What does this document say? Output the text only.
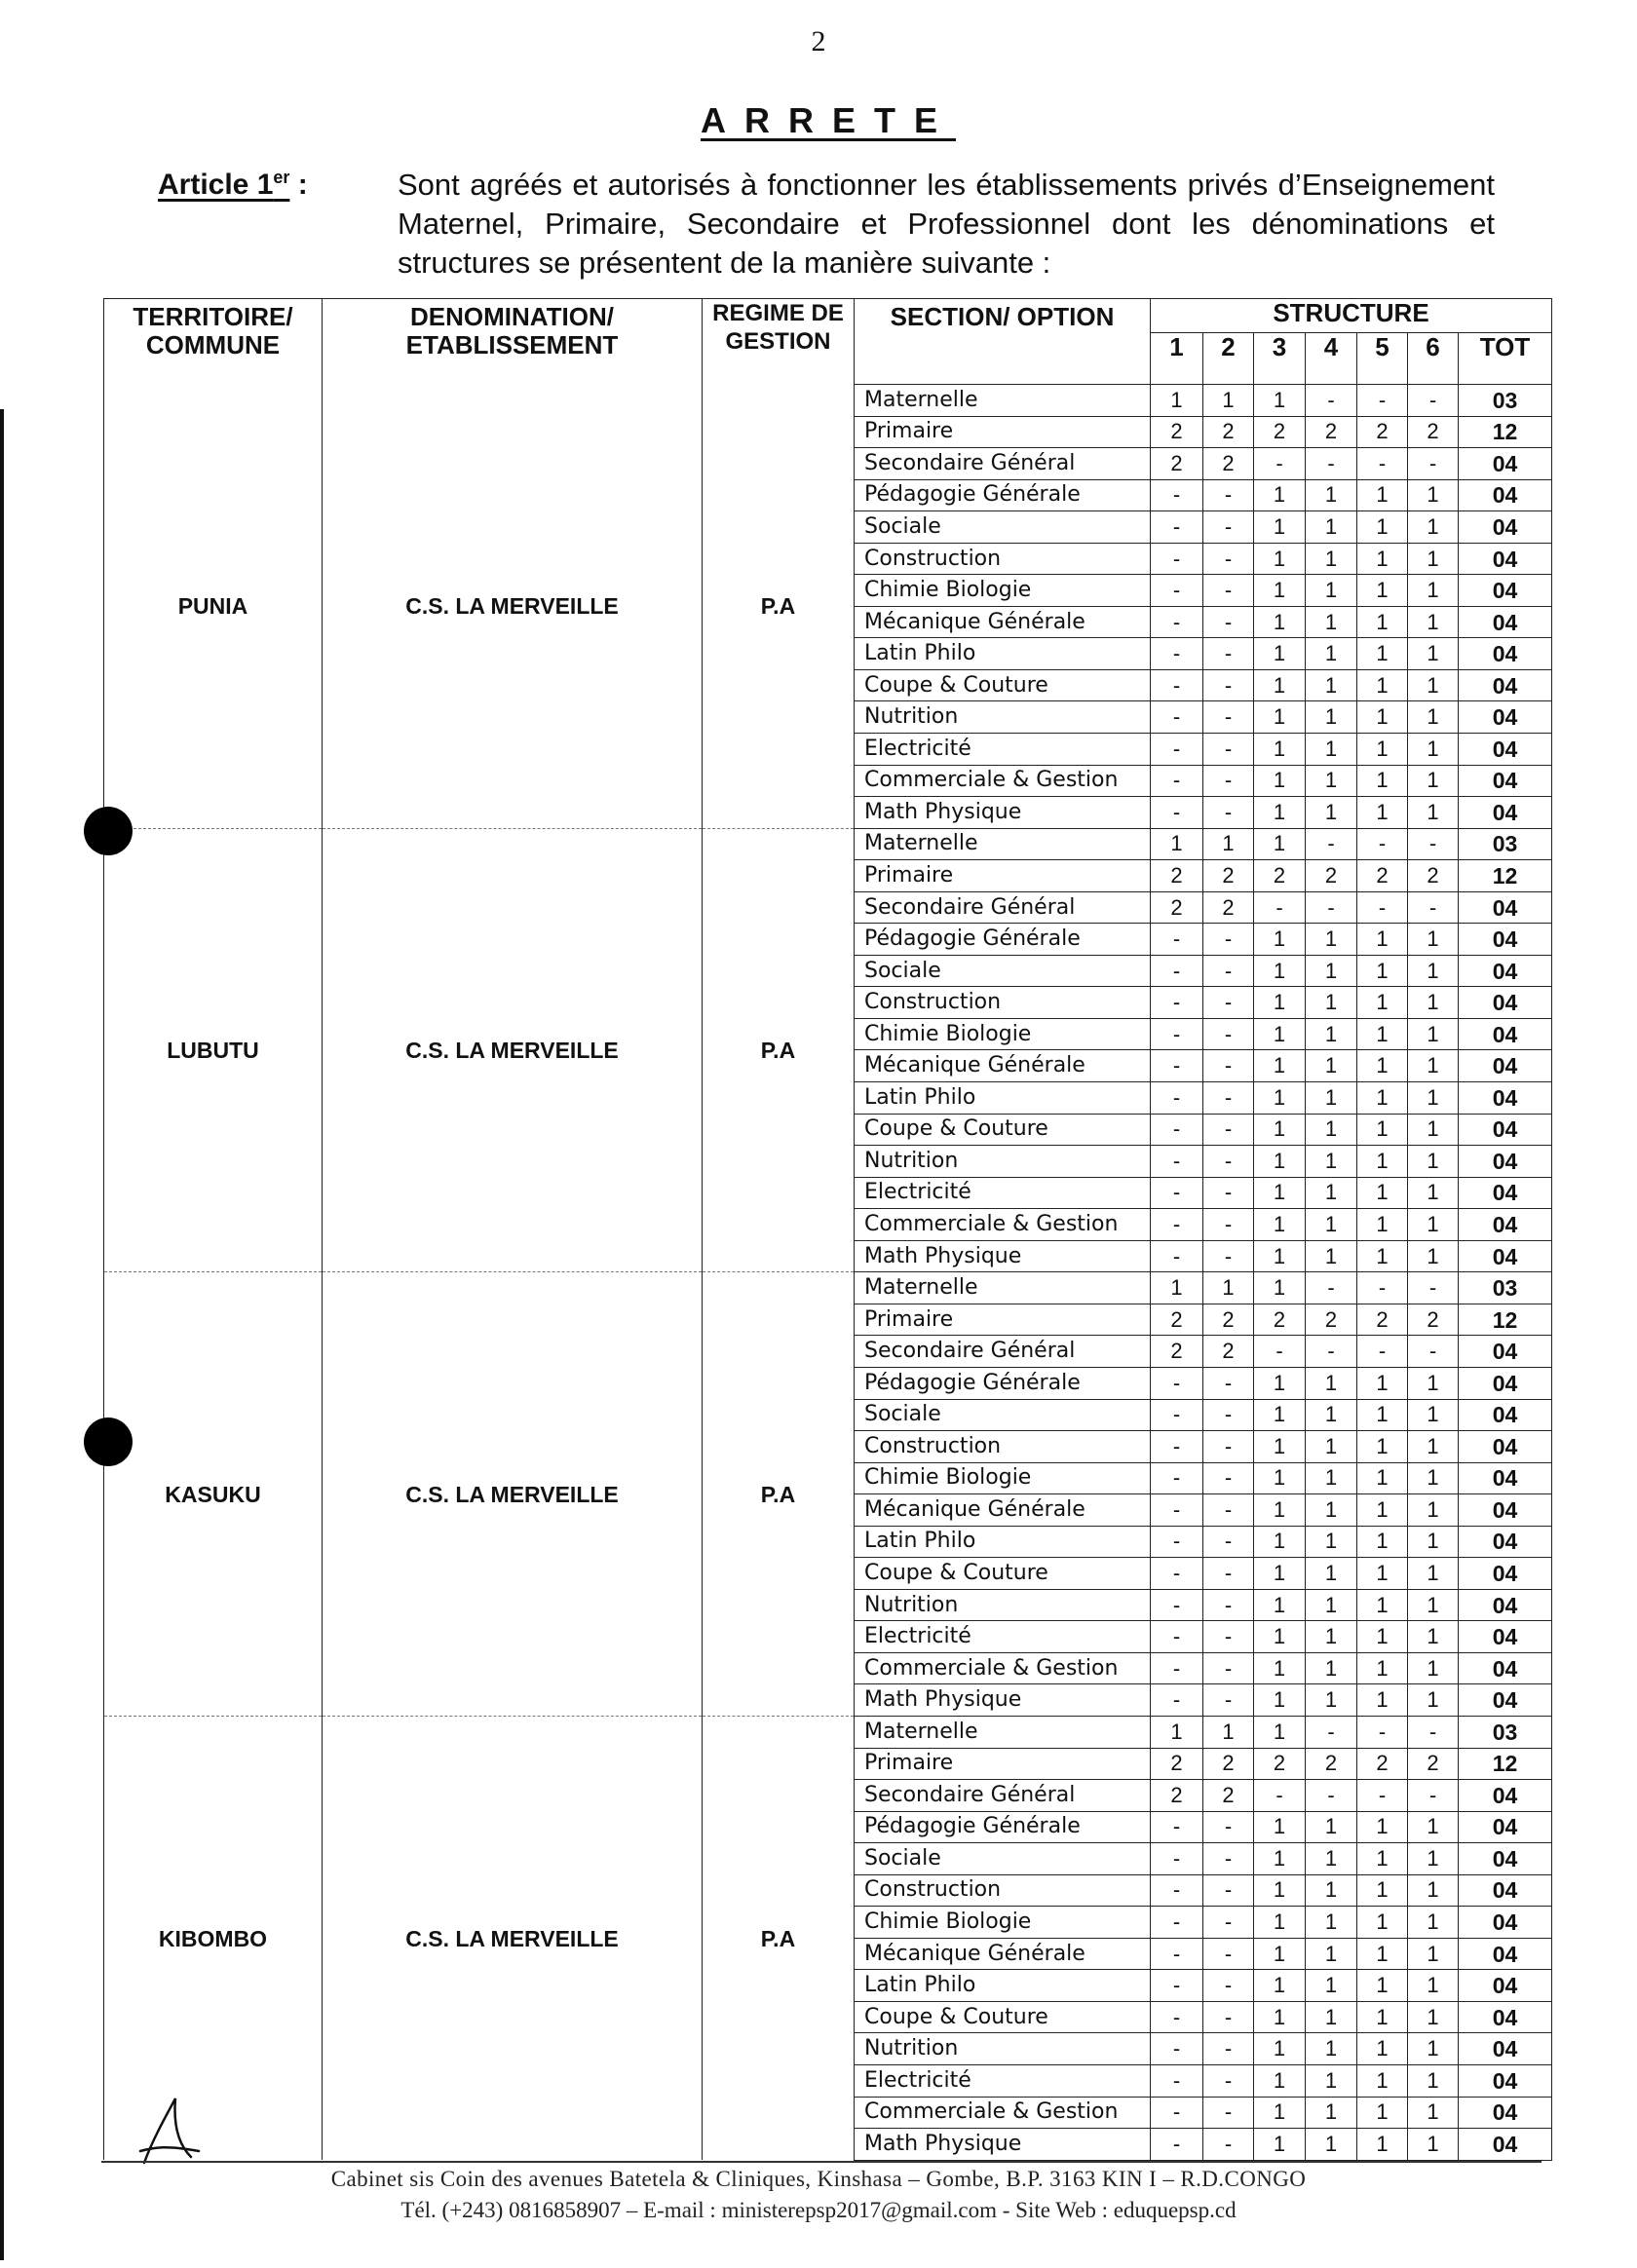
2
ARRETE
Article 1er :	Sont agréés et autorisés à fonctionner les établissements privés d’Enseignement Maternel, Primaire, Secondaire et Professionnel dont les dénominations et structures se présentent de la manière suivante :
TERRITOIRE/ COMMUNE	DENOMINATION/ ETABLISSEMENT	REGIME DE GESTION	SECTION/ OPTION	STRUCTURE						
				1	2	3	4	5	6	TOT
PUNIA	C.S. LA MERVEILLE	P.A	Maternelle	1	1	1	-	-	-	03
			Primaire	2	2	2	2	2	2	12
			Secondaire Général	2	2	-	-	-	-	04
			Pédagogie Générale	-	-	1	1	1	1	04
			Sociale	-	-	1	1	1	1	04
			Construction	-	-	1	1	1	1	04
			Chimie Biologie	-	-	1	1	1	1	04
			Mécanique Générale	-	-	1	1	1	1	04
			Latin Philo	-	-	1	1	1	1	04
			Coupe & Couture	-	-	1	1	1	1	04
			Nutrition	-	-	1	1	1	1	04
			Electricité	-	-	1	1	1	1	04
			Commerciale & Gestion	-	-	1	1	1	1	04
			Math Physique	-	-	1	1	1	1	04
LUBUTU	C.S. LA MERVEILLE	P.A	Maternelle	1	1	1	-	-	-	03
			Primaire	2	2	2	2	2	2	12
			Secondaire Général	2	2	-	-	-	-	04
			Pédagogie Générale	-	-	1	1	1	1	04
			Sociale	-	-	1	1	1	1	04
			Construction	-	-	1	1	1	1	04
			Chimie Biologie	-	-	1	1	1	1	04
			Mécanique Générale	-	-	1	1	1	1	04
			Latin Philo	-	-	1	1	1	1	04
			Coupe & Couture	-	-	1	1	1	1	04
			Nutrition	-	-	1	1	1	1	04
			Electricité	-	-	1	1	1	1	04
			Commerciale & Gestion	-	-	1	1	1	1	04
			Math Physique	-	-	1	1	1	1	04
KASUKU	C.S. LA MERVEILLE	P.A	Maternelle	1	1	1	-	-	-	03
			Primaire	2	2	2	2	2	2	12
			Secondaire Général	2	2	-	-	-	-	04
			Pédagogie Générale	-	-	1	1	1	1	04
			Sociale	-	-	1	1	1	1	04
			Construction	-	-	1	1	1	1	04
			Chimie Biologie	-	-	1	1	1	1	04
			Mécanique Générale	-	-	1	1	1	1	04
			Latin Philo	-	-	1	1	1	1	04
			Coupe & Couture	-	-	1	1	1	1	04
			Nutrition	-	-	1	1	1	1	04
			Electricité	-	-	1	1	1	1	04
			Commerciale & Gestion	-	-	1	1	1	1	04
			Math Physique	-	-	1	1	1	1	04
KIBOMBO	C.S. LA MERVEILLE	P.A	Maternelle	1	1	1	-	-	-	03
			Primaire	2	2	2	2	2	2	12
			Secondaire Général	2	2	-	-	-	-	04
			Pédagogie Générale	-	-	1	1	1	1	04
			Sociale	-	-	1	1	1	1	04
			Construction	-	-	1	1	1	1	04
			Chimie Biologie	-	-	1	1	1	1	04
			Mécanique Générale	-	-	1	1	1	1	04
			Latin Philo	-	-	1	1	1	1	04
			Coupe & Couture	-	-	1	1	1	1	04
			Nutrition	-	-	1	1	1	1	04
			Electricité	-	-	1	1	1	1	04
			Commerciale & Gestion	-	-	1	1	1	1	04
			Math Physique	-	-	1	1	1	1	04
Cabinet sis Coin des avenues Batetela & Cliniques, Kinshasa – Gombe, B.P. 3163 KIN I – R.D.CONGO
Tél. (+243) 0816858907 – E-mail : ministerepsp2017@gmail.com - Site Web : eduquepsp.cd
